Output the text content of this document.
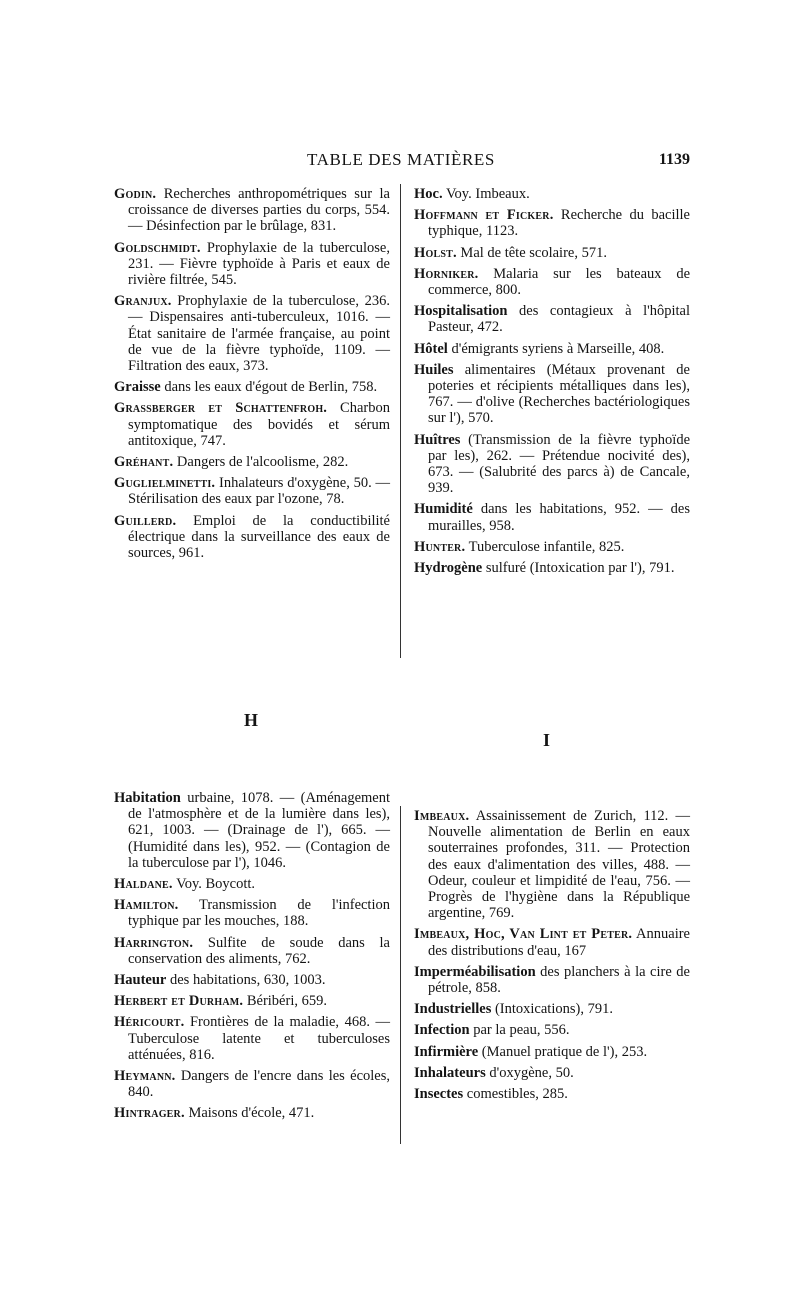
TABLE DES MATIÈRES	1139

Godin. Recherches anthropométriques sur la croissance de diverses parties du corps, 554. — Désinfection par le brûlage, 831.

Goldschmidt. Prophylaxie de la tuberculose, 231. — Fièvre typhoïde à Paris et eaux de rivière filtrée, 545.

Granjux. Prophylaxie de la tuberculose, 236. — Dispensaires anti-tuberculeux, 1016. — État sanitaire de l'armée française, au point de vue de la fièvre typhoïde, 1109. — Filtration des eaux, 373.

Graisse dans les eaux d'égout de Berlin, 758.

Grassberger et Schattenfroh. Charbon symptomatique des bovidés et sérum antitoxique, 747.

Gréhant. Dangers de l'alcoolisme, 282.

Guglielminetti. Inhalateurs d'oxygène, 50. — Stérilisation des eaux par l'ozone, 78.

Guillerd. Emploi de la conductibilité électrique dans la surveillance des eaux de sources, 961.

Hoc. Voy. Imbeaux.

Hoffmann et Ficker. Recherche du bacille typhique, 1123.

Holst. Mal de tête scolaire, 571.

Horniker. Malaria sur les bateaux de commerce, 800.

Hospitalisation des contagieux à l'hôpital Pasteur, 472.

Hôtel d'émigrants syriens à Marseille, 408.

Huiles alimentaires (Métaux provenant de poteries et récipients métalliques dans les), 767. — d'olive (Recherches bactériologiques sur l'), 570.

Huîtres (Transmission de la fièvre typhoïde par les), 262. — Prétendue nocivité des), 673. — (Salubrité des parcs à) de Cancale, 939.

Humidité dans les habitations, 952. — des murailles, 958.

Hunter. Tuberculose infantile, 825.

Hydrogène sulfuré (Intoxication par l'), 791.

H
I

Habitation urbaine, 1078. — (Aménagement de l'atmosphère et de la lumière dans les), 621, 1003. — (Drainage de l'), 665. — (Humidité dans les), 952. — (Contagion de la tuberculose par l'), 1046.

Haldane. Voy. Boycott.

Hamilton. Transmission de l'infection typhique par les mouches, 188.

Harrington. Sulfite de soude dans la conservation des aliments, 762.

Hauteur des habitations, 630, 1003.

Herbert et Durham. Béribéri, 659.

Héricourt. Frontières de la maladie, 468. — Tuberculose latente et tuberculoses atténuées, 816.

Heymann. Dangers de l'encre dans les écoles, 840.

Hintrager. Maisons d'école, 471.

Imbeaux. Assainissement de Zurich, 112. — Nouvelle alimentation de Berlin en eaux souterraines profondes, 311. — Protection des eaux d'alimentation des villes, 488. — Odeur, couleur et limpidité de l'eau, 756. — Progrès de l'hygiène dans la République argentine, 769.

Imbeaux, Hoc, Van Lint et Peter. Annuaire des distributions d'eau, 167

Imperméabilisation des planchers à la cire de pétrole, 858.

Industrielles (Intoxications), 791.

Infection par la peau, 556.

Infirmière (Manuel pratique de l'), 253.

Inhalateurs d'oxygène, 50.

Insectes comestibles, 285.
